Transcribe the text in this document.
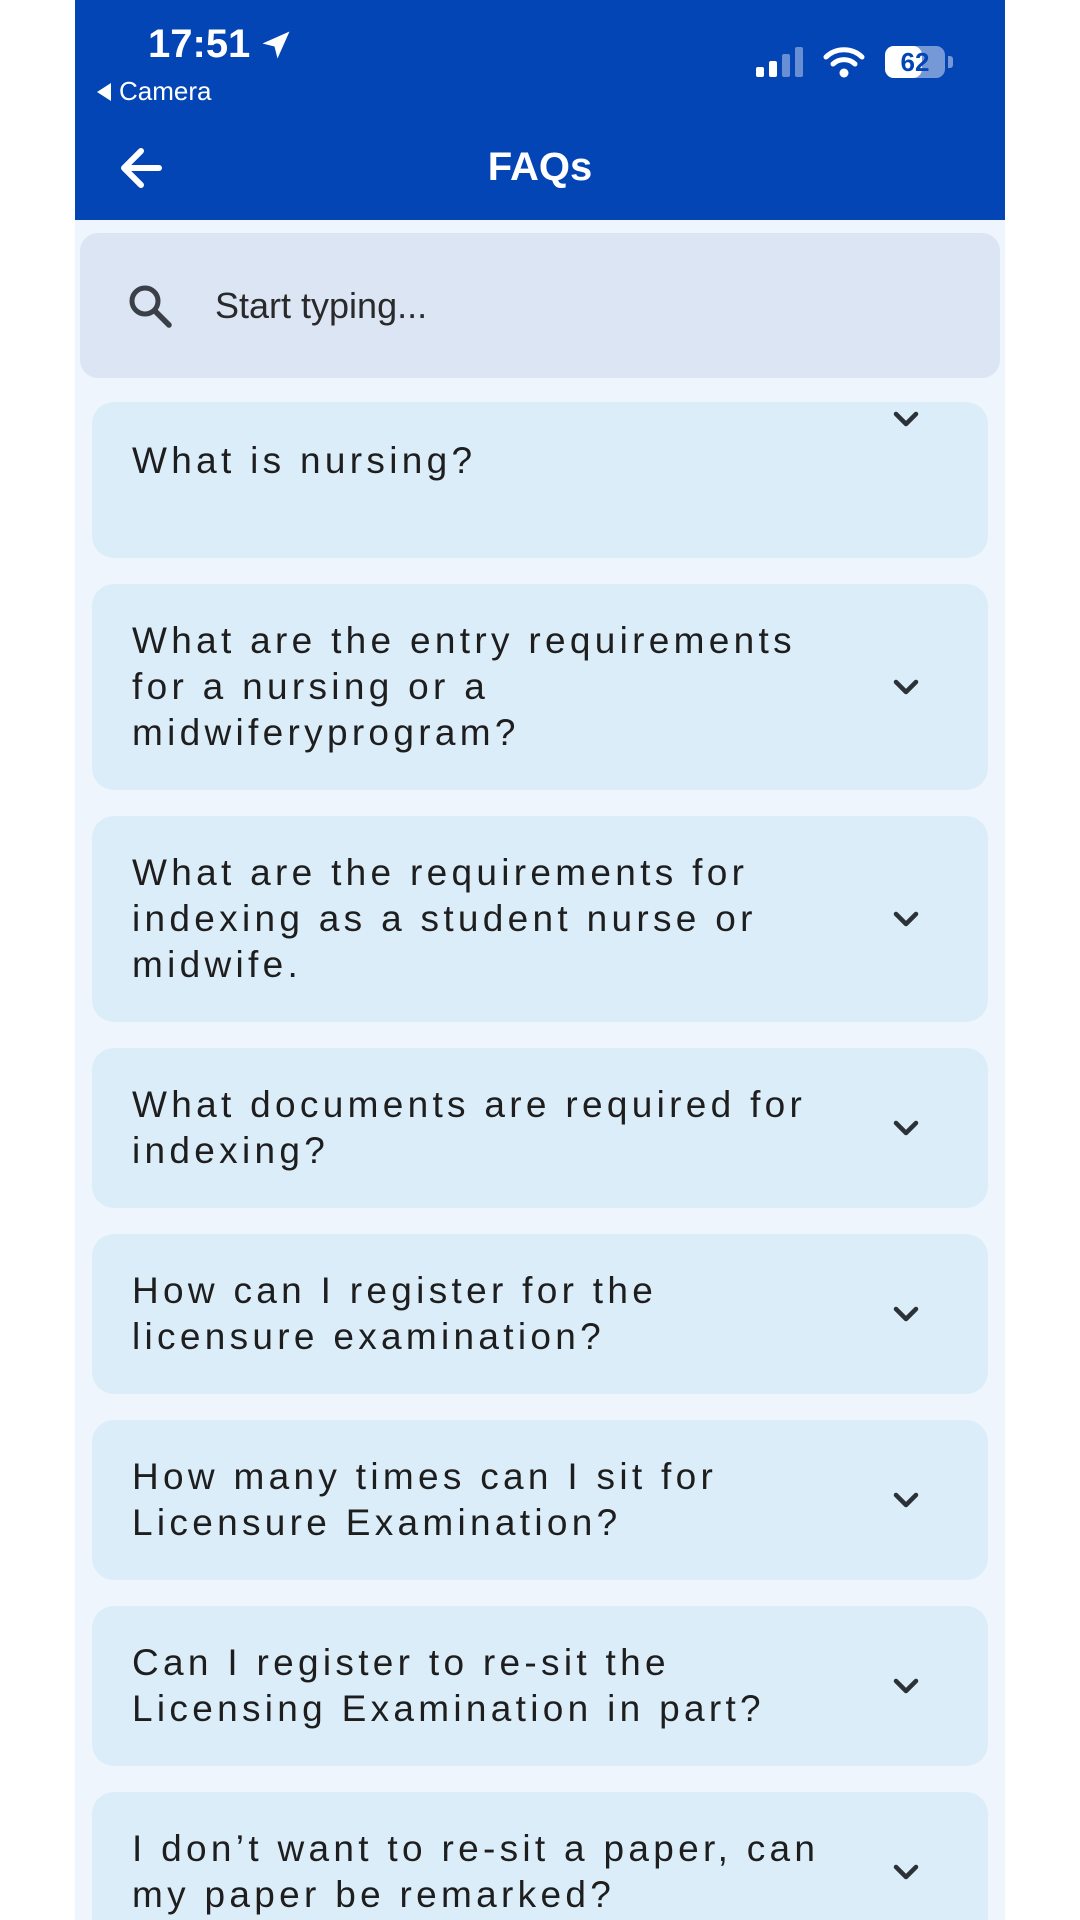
17:51
Camera
62
FAQs
Start typing...
What is nursing?
What are the entry requirements for a nursing or a midwiferyprogram?
What are the requirements for indexing as a student nurse or midwife.
What documents are required for indexing?
How can I register for the licensure examination?
How many times can I sit for Licensure Examination?
Can I register to re-sit the Licensing Examination in part?
I don’t want to re-sit a paper, can my paper be remarked?
